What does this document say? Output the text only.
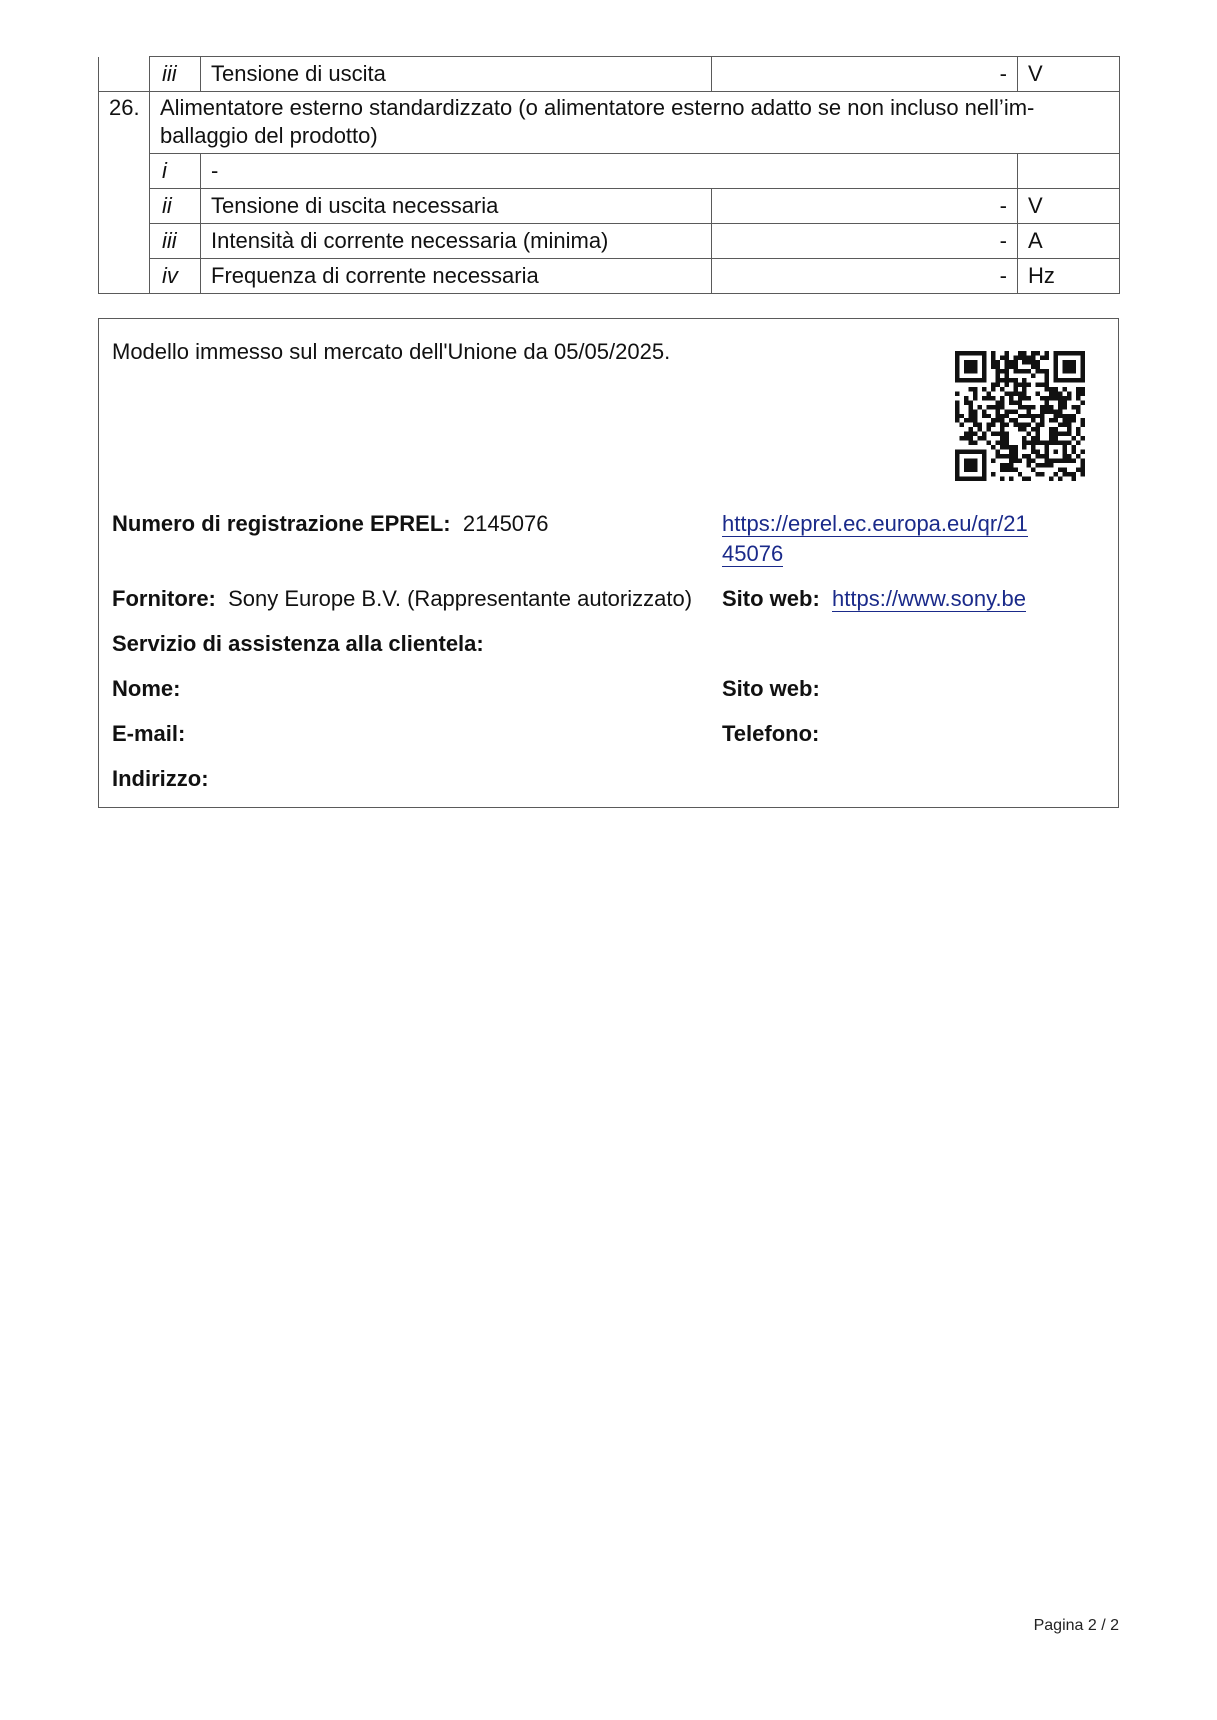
	iii	Tensione di uscita	-	V
26.	Alimentatore esterno standardizzato (o alimentatore esterno adatto se non incluso nell’im-
ballaggio del prodotto)			

	i	-		
	ii	Tensione di uscita necessaria	-	V
	iii	Intensità di corrente necessaria (minima)	-	A
	iv	Frequenza di corrente necessaria	-	Hz
Modello immesso sul mercato dell'Unione da 05/05/2025.
Numero di registrazione EPREL: 2145076	https://eprel.ec.europa.eu/qr/21
45076
Fornitore: Sony Europe B.V. (Rappresentante autorizzato) Sito web: https://www.sony.be
Servizio di assistenza alla clientela:
Nome:	Sito web:
E-mail:	Telefono:
Indirizzo:
Pagina 2 / 2
